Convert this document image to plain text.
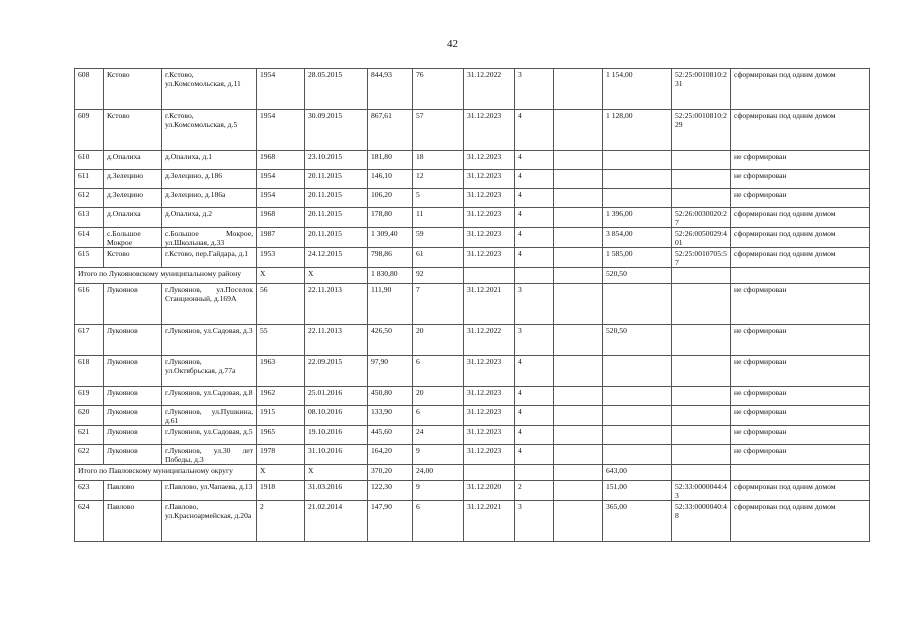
42
608	Кстово	г.Кстово, ул.Комсомольская, д.11	1954	28.05.2015	844,93	76	31.12.2022	3		1 154,00	52:25:0010810:231	сформирован под одним домом
609	Кстово	г.Кстово, ул.Комсомольская, д.5	1954	30.09.2015	867,61	57	31.12.2023	4		1 128,00	52:25:0010810:229	сформирован под одним домом
610	д.Опалиха	д.Опалиха, д.1	1968	23.10.2015	181,80	18	31.12.2023	4				не сформирован
611	д.Зелецино	д.Зелецино, д.186	1954	20.11.2015	146,10	12	31.12.2023	4				не сформирован
612	д.Зелецино	д.Зелецино, д.186а	1954	20.11.2015	106,20	5	31.12.2023	4				не сформирован
613	д.Опалиха	д.Опалиха, д.2	1968	20.11.2015	178,80	11	31.12.2023	4		1 396,00	52:26:0030020:27	сформирован под одним домом
614	с.Большое Мокрое	с.Большое Мокрое, ул.Школьная, д.33	1987	20.11.2015	1 309,40	59	31.12.2023	4		3 854,00	52:26:0050029:401	сформирован под одним домом
615	Кстово	г.Кстово, пер.Гайдара, д.1	1953	24.12.2015	798,86	61	31.12.2023	4		1 585,00	52:25:0010705:57	сформирован под одним домом
Итого по Лукояновскому муниципальному району			X	X	1 830,80	92				520,50		
616	Лукоянов	г.Лукоянов, ул.Поселок Станционный, д.169А	56	22.11.2013	111,90	7	31.12.2021	3				не сформирован
617	Лукоянов	г.Лукоянов, ул.Садовая, д.3	55	22.11.2013	426,50	20	31.12.2022	3		520,50		не сформирован
618	Лукоянов	г.Лукоянов, ул.Октябрьская, д.77а	1963	22.09.2015	97,90	6	31.12.2023	4				не сформирован
619	Лукоянов	г.Лукоянов, ул.Садовая, д.8	1962	25.01.2016	450,80	20	31.12.2023	4				не сформирован
620	Лукоянов	г.Лукоянов, ул.Пушкина, д.61	1915	08.10.2016	133,90	6	31.12.2023	4				не сформирован
621	Лукоянов	г.Лукоянов, ул.Садовая, д.5	1965	19.10.2016	445,60	24	31.12.2023	4				не сформирован
622	Лукоянов	г.Лукоянов, ул.30 лет Победы, д.3	1978	31.10.2016	164,20	9	31.12.2023	4				не сформирован
Итого по Павловскому муниципальному округу			X	X	370,20	24,00				643,00		
623	Павлово	г.Павлово, ул.Чапаева, д.13	1918	31.03.2016	122,30	9	31.12.2020	2		151,00	52:33:0000044:43	сформирован под одним домом
624	Павлово	г.Павлово, ул.Красноармейская, д.20а	2	21.02.2014	147,90	6	31.12.2021	3		365,00	52:33:0000040:48	сформирован под одним домом
